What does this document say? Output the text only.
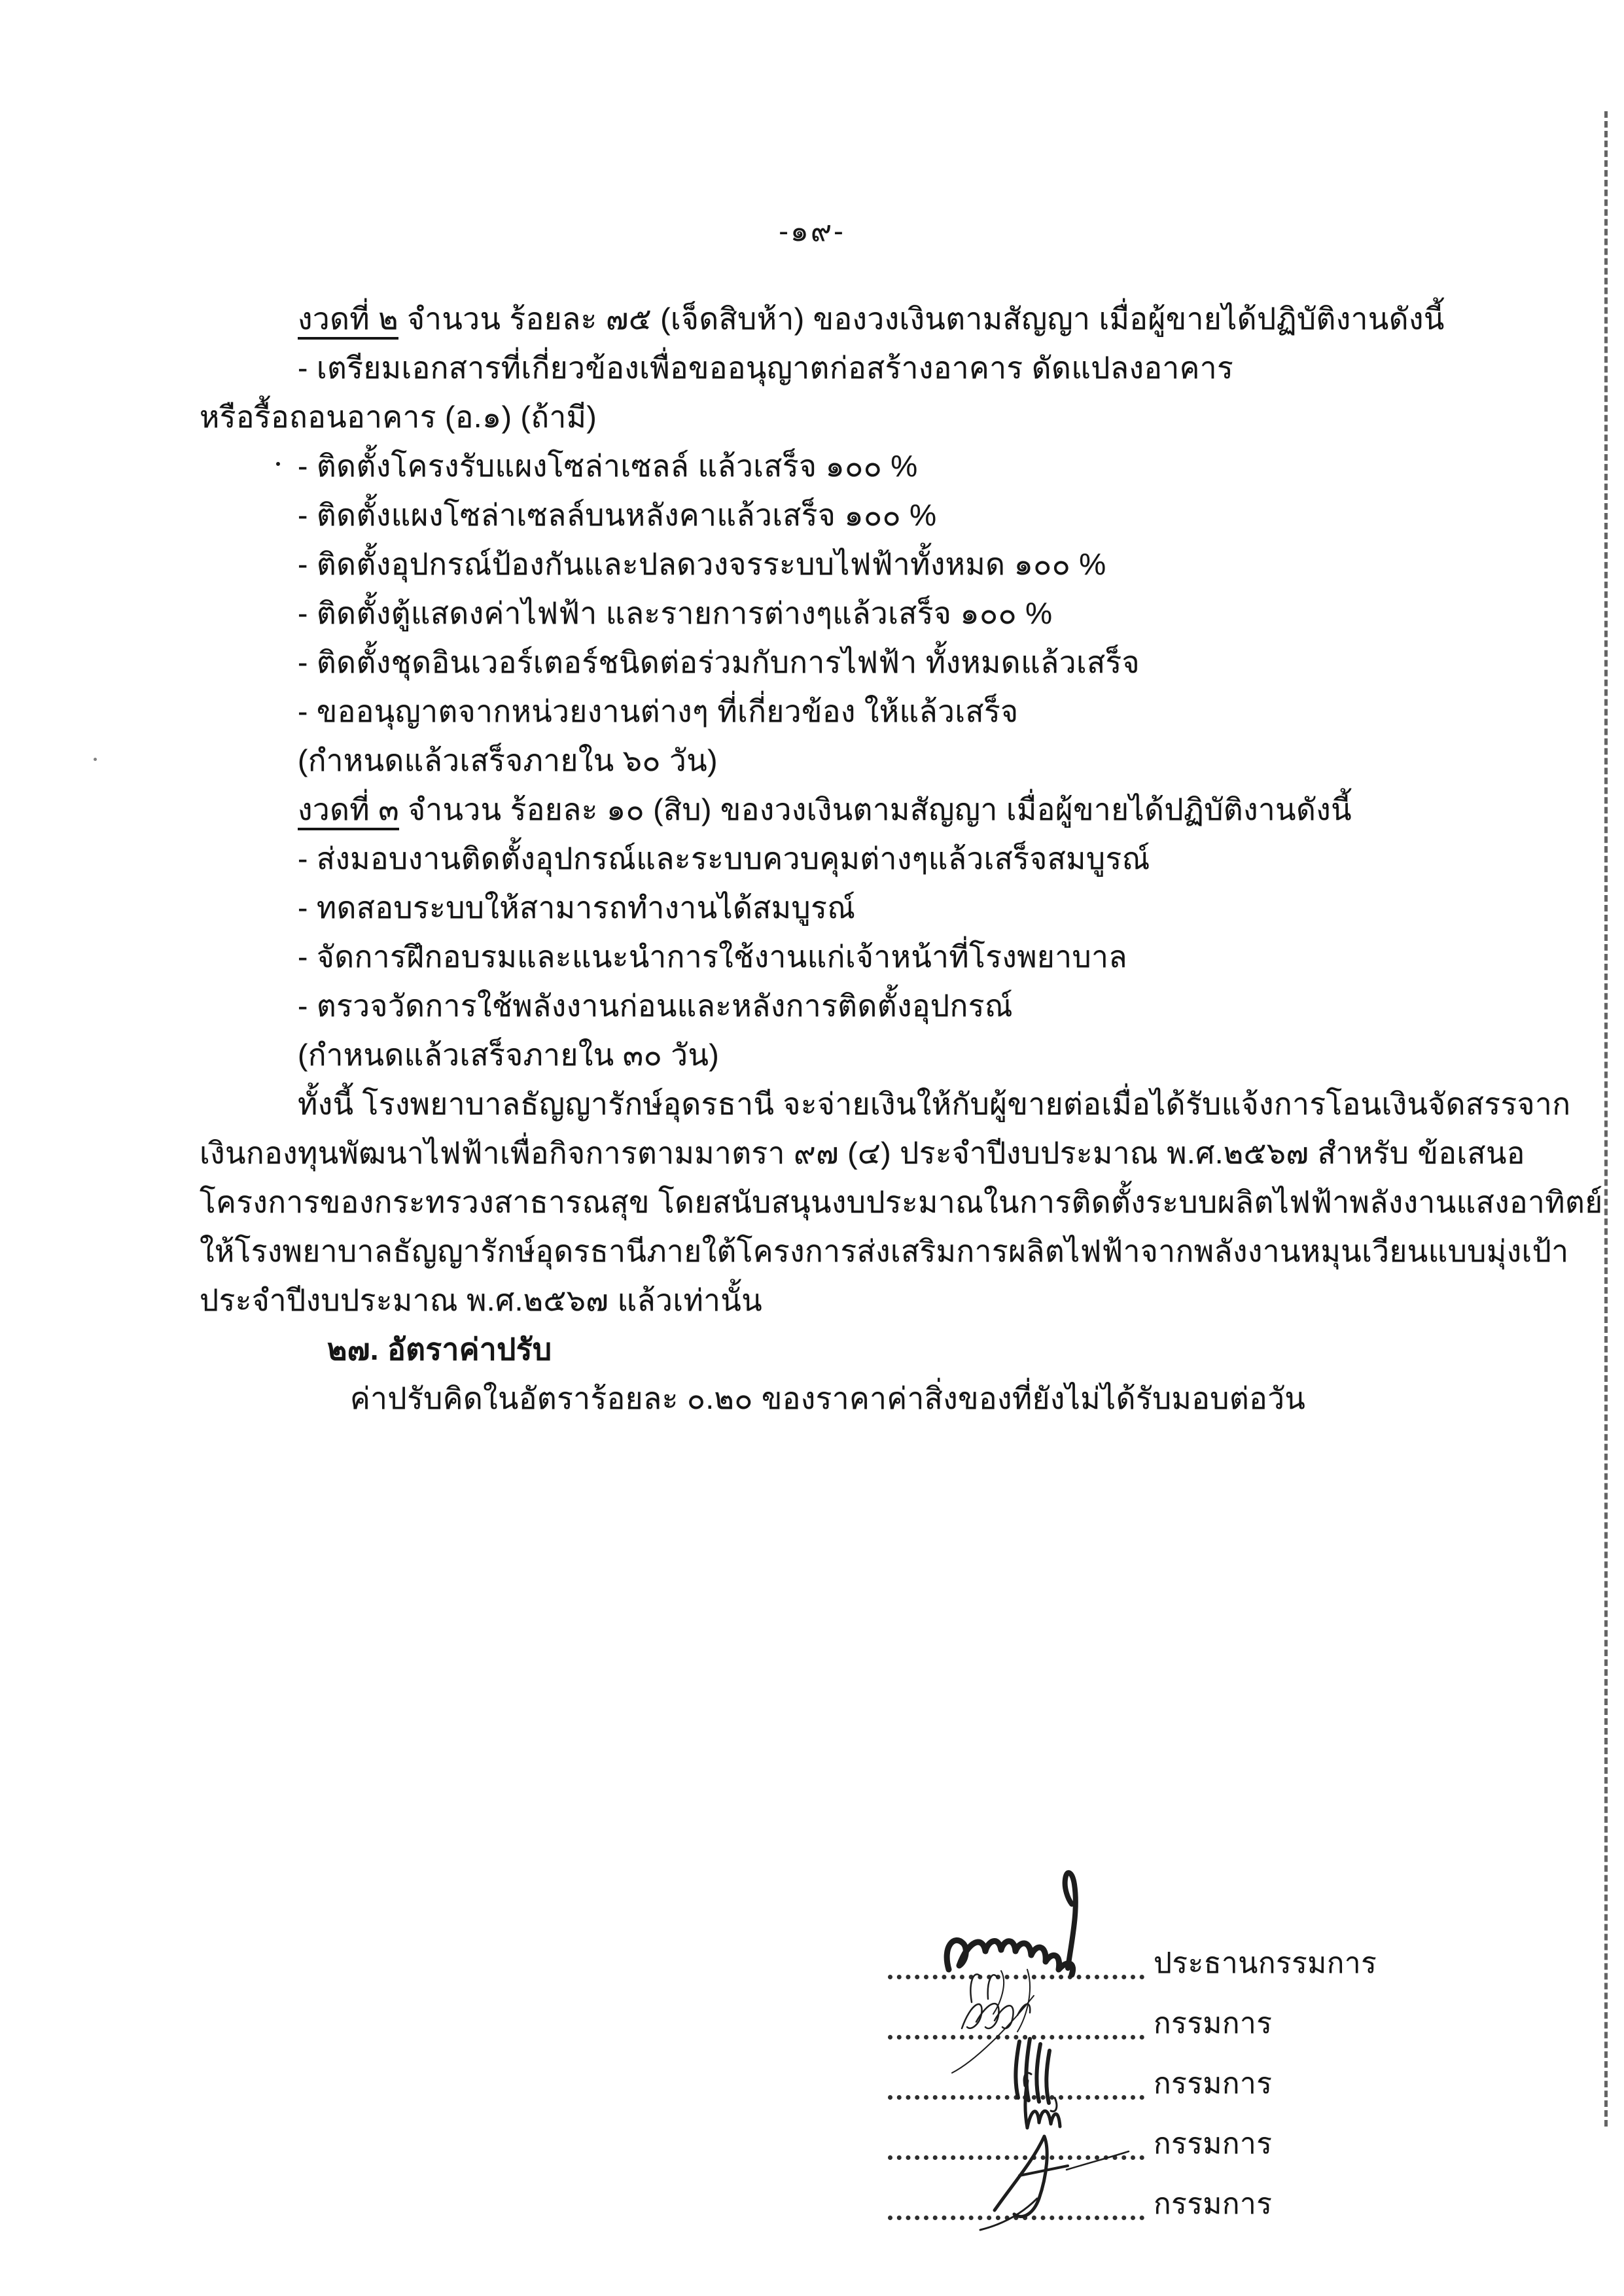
-๑๙-
งวดที่ ๒ จำนวน ร้อยละ ๗๕ (เจ็ดสิบห้า) ของวงเงินตามสัญญา เมื่อผู้ขายได้ปฏิบัติงานดังนี้
- เตรียมเอกสารที่เกี่ยวข้องเพื่อขออนุญาตก่อสร้างอาคาร ดัดแปลงอาคาร
หรือรื้อถอนอาคาร (อ.๑) (ถ้ามี)
- ติดตั้งโครงรับแผงโซล่าเซลล์ แล้วเสร็จ ๑๐๐ %
- ติดตั้งแผงโซล่าเซลล์บนหลังคาแล้วเสร็จ ๑๐๐ %
- ติดตั้งอุปกรณ์ป้องกันและปลดวงจรระบบไฟฟ้าทั้งหมด ๑๐๐ %
- ติดตั้งตู้แสดงค่าไฟฟ้า และรายการต่างๆแล้วเสร็จ ๑๐๐ %
- ติดตั้งชุดอินเวอร์เตอร์ชนิดต่อร่วมกับการไฟฟ้า ทั้งหมดแล้วเสร็จ
- ขออนุญาตจากหน่วยงานต่างๆ ที่เกี่ยวข้อง ให้แล้วเสร็จ
(กำหนดแล้วเสร็จภายใน ๖๐ วัน)
งวดที่ ๓ จำนวน ร้อยละ ๑๐ (สิบ) ของวงเงินตามสัญญา เมื่อผู้ขายได้ปฏิบัติงานดังนี้
- ส่งมอบงานติดตั้งอุปกรณ์และระบบควบคุมต่างๆแล้วเสร็จสมบูรณ์
- ทดสอบระบบให้สามารถทำงานได้สมบูรณ์
- จัดการฝึกอบรมและแนะนำการใช้งานแก่เจ้าหน้าที่โรงพยาบาล
- ตรวจวัดการใช้พลังงานก่อนและหลังการติดตั้งอุปกรณ์
(กำหนดแล้วเสร็จภายใน ๓๐ วัน)
ทั้งนี้ โรงพยาบาลธัญญารักษ์อุดรธานี จะจ่ายเงินให้กับผู้ขายต่อเมื่อได้รับแจ้งการโอนเงินจัดสรรจาก
เงินกองทุนพัฒนาไฟฟ้าเพื่อกิจการตามมาตรา ๙๗ (๔) ประจำปีงบประมาณ พ.ศ.๒๕๖๗ สำหรับ ข้อเสนอ
โครงการของกระทรวงสาธารณสุข โดยสนับสนุนงบประมาณในการติดตั้งระบบผลิตไฟฟ้าพลังงานแสงอาทิตย์
ให้โรงพยาบาลธัญญารักษ์อุดรธานีภายใต้โครงการส่งเสริมการผลิตไฟฟ้าจากพลังงานหมุนเวียนแบบมุ่งเป้า
ประจำปีงบประมาณ พ.ศ.๒๕๖๗ แล้วเท่านั้น
๒๗. อัตราค่าปรับ
ค่าปรับคิดในอัตราร้อยละ ๐.๒๐ ของราคาค่าสิ่งของที่ยังไม่ได้รับมอบต่อวัน
ประธานกรรมการ
กรรมการ
กรรมการ
กรรมการ
กรรมการ
